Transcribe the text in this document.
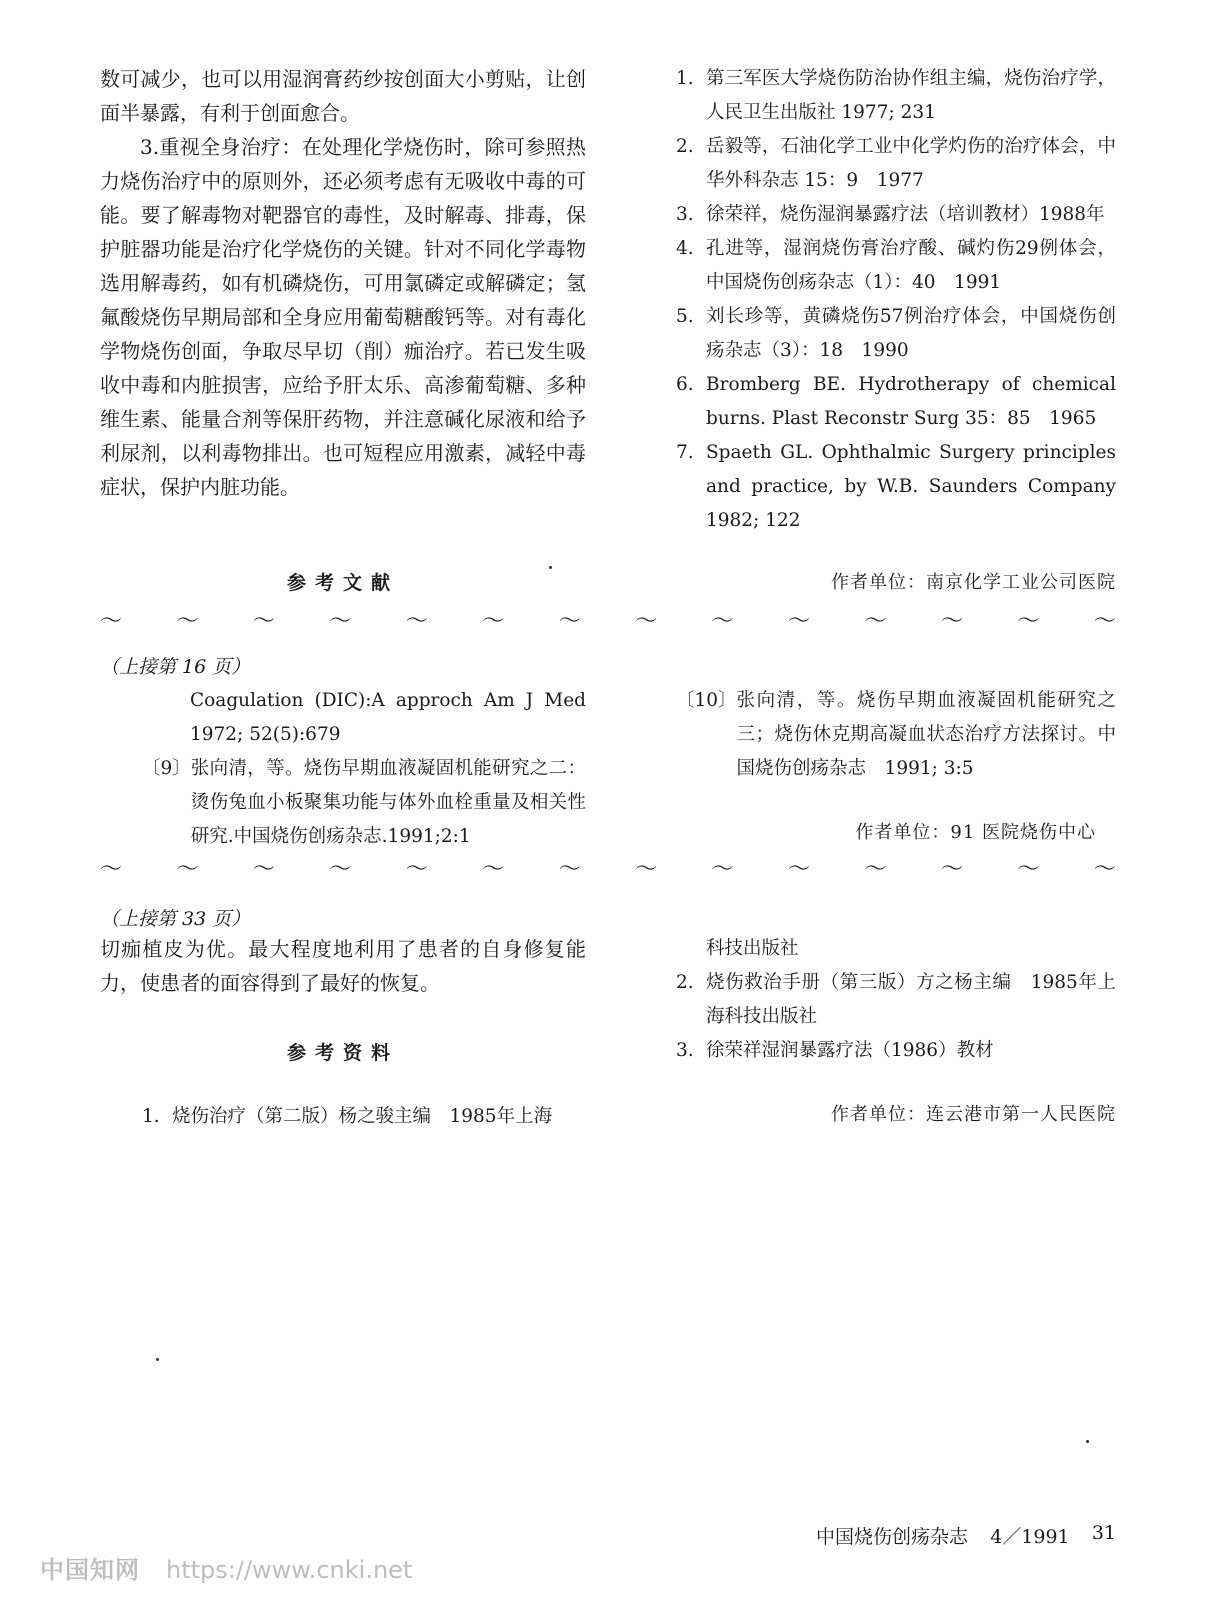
数可减少，也可以用湿润膏药纱按创面大小剪贴，让创面半暴露，有利于创面愈合。

3.重视全身治疗：在处理化学烧伤时，除可参照热力烧伤治疗中的原则外，还必须考虑有无吸收中毒的可能。要了解毒物对靶器官的毒性，及时解毒、排毒，保护脏器功能是治疗化学烧伤的关键。针对不同化学毒物选用解毒药，如有机磷烧伤，可用氯磷定或解磷定；氢氟酸烧伤早期局部和全身应用葡萄糖酸钙等。对有毒化学物烧伤创面，争取尽早切（削）痂治疗。若已发生吸收中毒和内脏损害，应给予肝太乐、高渗葡萄糖、多种维生素、能量合剂等保肝药物，并注意碱化尿液和给予利尿剂，以利毒物排出。也可短程应用激素，减轻中毒症状，保护内脏功能。

参考文献
1. 第三军医大学烧伤防治协作组主编，烧伤治疗学，人民卫生出版社 1977; 231
2. 岳毅等，石油化学工业中化学灼伤的治疗体会，中华外科杂志 15：9　1977
3. 徐荣祥，烧伤湿润暴露疗法（培训教材）1988年
4. 孔进等，湿润烧伤膏治疗酸、碱灼伤29例体会，中国烧伤创疡杂志（1）：40　1991
5. 刘长珍等，黄磷烧伤57例治疗体会，中国烧伤创疡杂志（3）：18　1990
6. Bromberg BE. Hydrotherapy of chemical burns. Plast Reconstr Surg 35：85　1965
7. Spaeth GL. Ophthalmic Surgery principles and practice, by W.B. Saunders Company 1982; 122
作者单位：南京化学工业公司医院
～ ～ ～ ～ ～ ～ ～ ～ ～ ～ ～ ～ ～ ～
（上接第 16 页）
Coagulation (DIC):A approch Am J Med 1972; 52(5):679
〔9〕 张向清，等。烧伤早期血液凝固机能研究之二：烫伤兔血小板聚集功能与体外血栓重量及相关性研究.中国烧伤创疡杂志.1991;2:1
〔10〕 张向清，等。烧伤早期血液凝固机能研究之三；烧伤休克期高凝血状态治疗方法探讨。中国烧伤创疡杂志　1991; 3:5
作者单位：91 医院烧伤中心
～ ～ ～ ～ ～ ～ ～ ～ ～ ～ ～ ～ ～ ～
（上接第 33 页）

切痂植皮为优。最大程度地利用了患者的自身修复能力，使患者的面容得到了最好的恢复。

参考资料
1. 烧伤治疗（第二版）杨之骏主编　1985年上海
科技出版社
2. 烧伤救治手册（第三版）方之杨主编　1985年上海科技出版社
3. 徐荣祥湿润暴露疗法（1986）教材
作者单位：连云港市第一人民医院
中国知网 https://www.cnki.net
中国烧伤创疡杂志 4／1991 31
